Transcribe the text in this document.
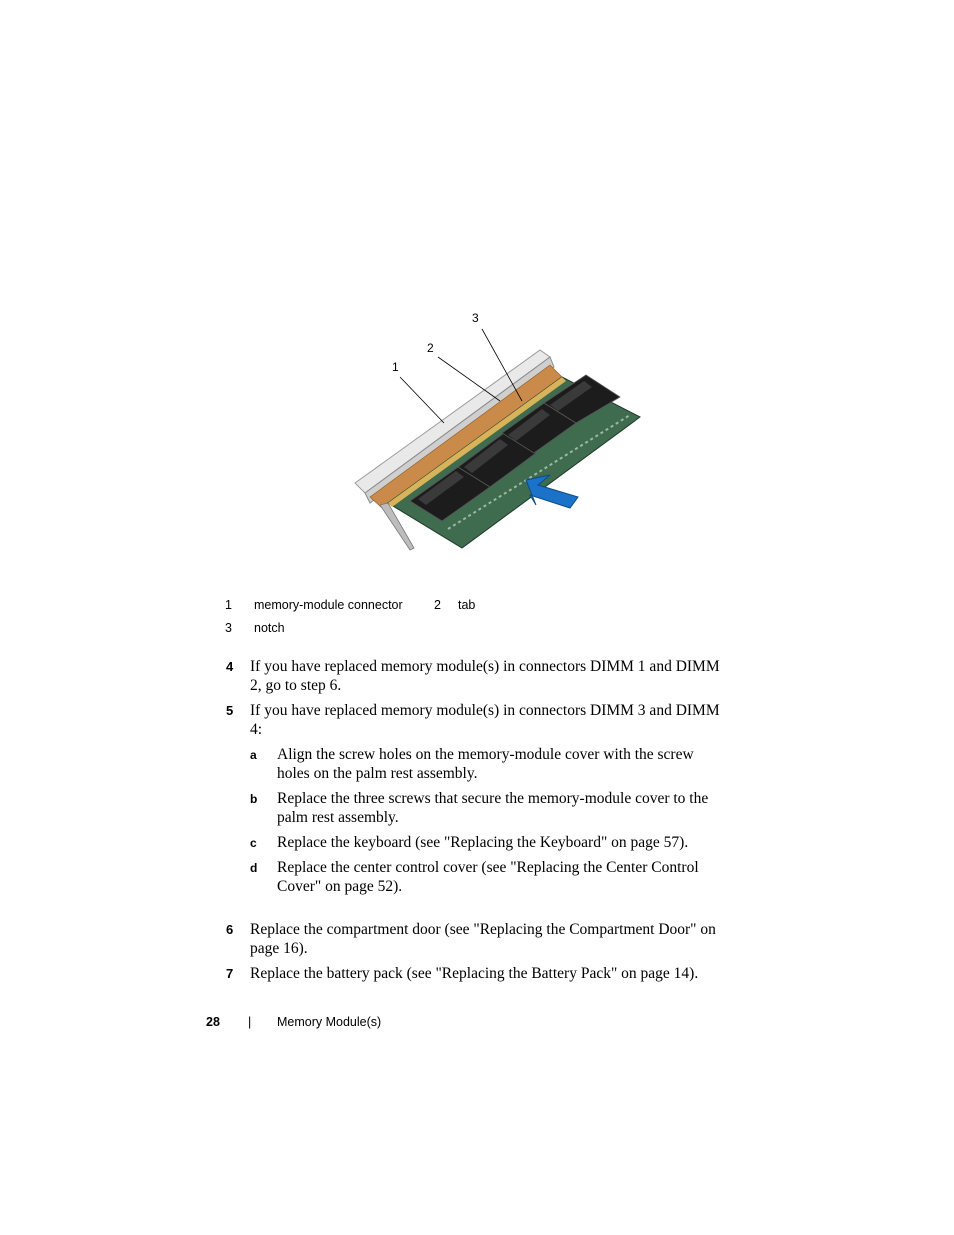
1
2
3
1 memory-module connector	2 tab
3 notch
4 If you have replaced memory module(s) in connectors DIMM 1 and DIMM 2, go to step 6.
5 If you have replaced memory module(s) in connectors DIMM 3 and DIMM 4:
a Align the screw holes on the memory-module cover with the screw holes on the palm rest assembly.
b Replace the three screws that secure the memory-module cover to the palm rest assembly.
c Replace the keyboard (see "Replacing the Keyboard" on page 57).
d Replace the center control cover (see "Replacing the Center Control Cover" on page 52).
6 Replace the compartment door (see "Replacing the Compartment Door" on page 16).
7 Replace the battery pack (see "Replacing the Battery Pack" on page 14).
28 | Memory Module(s)
